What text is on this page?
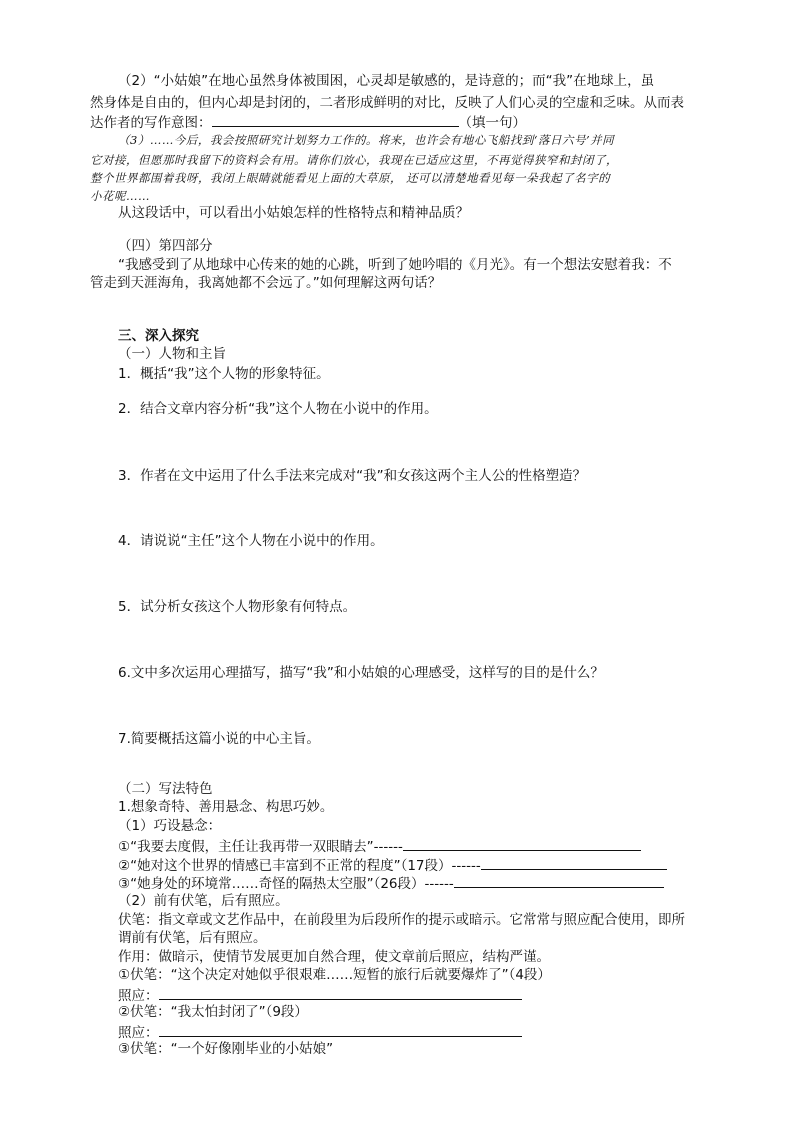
（2）“小姑娘”在地心虽然身体被围困，心灵却是敏感的，是诗意的；而“我”在地球上，虽
然身体是自由的，但内心却是封闭的，二者形成鲜明的对比，反映了人们心灵的空虚和乏味。从而表
达作者的写作意图：	（填一句）
（3）……今后，我会按照研究计划努力工作的。将来，也许会有地心飞船找到‘落日六号’并同
它对接，但愿那时我留下的资料会有用。请你们放心，我现在已适应这里，不再觉得狭窄和封闭了，
整个世界都围着我呀，我闭上眼睛就能看见上面的大草原， 还可以清楚地看见每一朵我起了名字的
小花呢……
从这段话中，可以看出小姑娘怎样的性格特点和精神品质？
（四）第四部分
“我感受到了从地球中心传来的她的心跳，听到了她吟唱的《月光》。有一个想法安慰着我：不
管走到天涯海角，我离她都不会远了。”如何理解这两句话？
三、深入探究
（一）人物和主旨
1．概括“我”这个人物的形象特征。
2．结合文章内容分析“我”这个人物在小说中的作用。
3．作者在文中运用了什么手法来完成对“我”和女孩这两个主人公的性格塑造？
4．请说说“主任”这个人物在小说中的作用。
5．试分析女孩这个人物形象有何特点。
6.文中多次运用心理描写，描写“我”和小姑娘的心理感受，这样写的目的是什么？
7.简要概括这篇小说的中心主旨。
（二）写法特色
1.想象奇特、善用悬念、构思巧妙。
（1）巧设悬念：
①“我要去度假，主任让我再带一双眼睛去”------
②“她对这个世界的情感已丰富到不正常的程度”（17段）------
③“她身处的环境常……奇怪的隔热太空服”（26段）------
（2）前有伏笔，后有照应。
伏笔：指文章或文艺作品中，在前段里为后段所作的提示或暗示。它常常与照应配合使用，即所
谓前有伏笔，后有照应。
作用：做暗示，使情节发展更加自然合理，使文章前后照应，结构严谨。
①伏笔：“这个决定对她似乎很艰难……短暂的旅行后就要爆炸了”（4段）
照应：
②伏笔：“我太怕封闭了”（9段）
照应：
③伏笔：“一个好像刚毕业的小姑娘”
